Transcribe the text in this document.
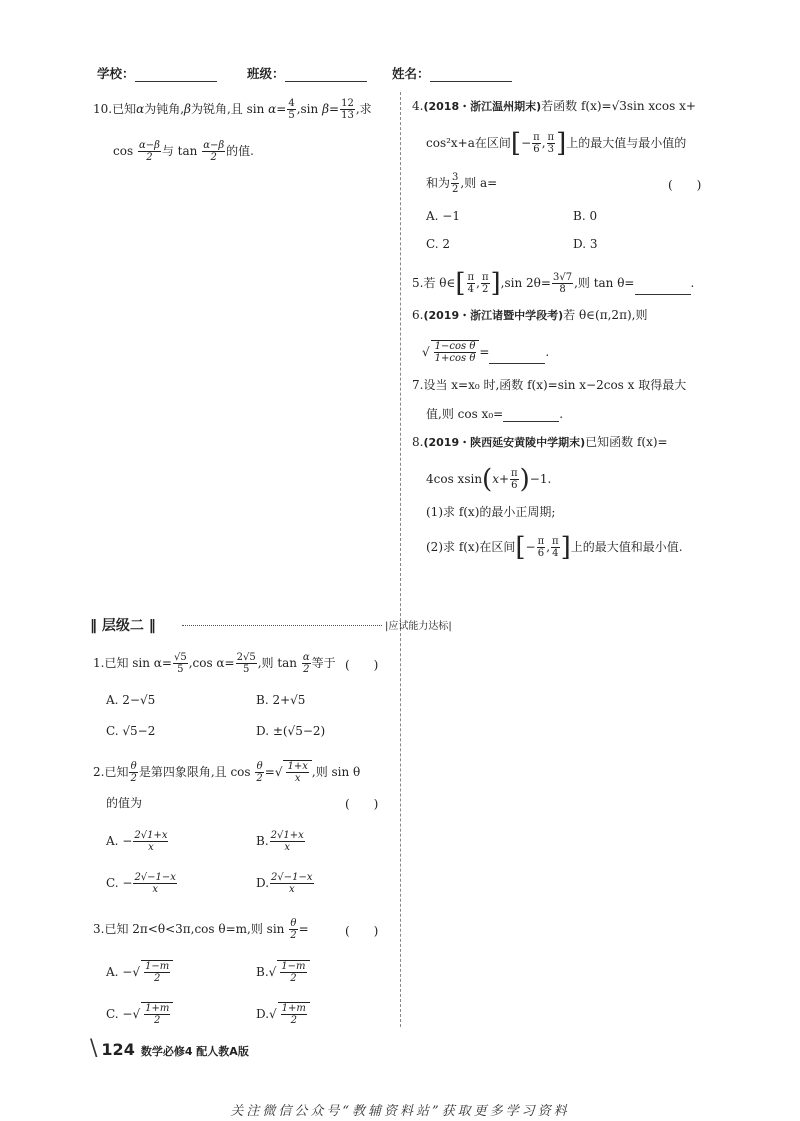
学校：	班级：	姓名：
10.已知α为钝角,β为锐角,且 $\sin \alpha= \frac{4}{5} ,\sin$ $\beta= \frac{12}{13}$ ,求
$\cos \frac{\alpha-\beta}{2}$ 与 $\tan \frac{\alpha-\beta}{2}$ 的值.
‖ 层级二 ‖	|应试能力达标|
1.已知 $\sin \alpha= \frac{√5}{5} ,\cos$ $\alpha= \frac{2√5}{5}$ ,则 $\tan \frac{\alpha}{2}$ 等于 (　　)
A. 2−√5	B. 2+√5
C. √5−2	D. ±(√5−2)
2.已知 $\frac{\theta}{2}$ 是第四象限角,且 $\cos \frac{\theta}{2}$ =√ $\frac{1+x}{x}$ ,则 sin θ
的值为	(　　)
A. − $\frac{2√1+x}{x}$	B. $\frac{2√1+x}{x}$
C. − $\frac{2√-1-x}{x}$	D. $\frac{2√-1-x}{x}$
3.已知 2π<θ<3π,cos θ=m,则 $\sin \frac{\theta}{2}$ =	(　　)
A. −√ $\frac{1-m}{2}$	$B.√ \frac{1-m}{2}$
C. −√ $\frac{1+m}{2}$	$D.√ \frac{1+m}{2}$
4.(2018・浙江温州期末)若函数 f(x)=√3sin xcos x+
cos²x+a在区间[− $\frac{\pi}{6}$ , $\frac{\pi}{3}$ ]上的最大值与最小值的
和为 $\frac{3}{2}$ ,则 a=	(　　)
A. −1	B. 0
C. 2	D. 3
5.若 θ∈[ $\frac{\pi}{4}$ , $\frac{\pi}{2} ],\sin$ $2\theta= \frac{3√7}{8}$ ,则 tan θ=	.
6.(2019・浙江诸暨中学段考)若 θ∈(π,2π),则
√ $\frac{\text{1−cos θ}}{\text{1+cos θ}}$ =	.
7.设当 x=x₀ 时,函数 f(x)=sin x−2cos x 取得最大
值,则 cos x₀=	.
8.(2019・陕西延安黄陵中学期末)已知函数 f(x)=
4cos $xsin(x+ \frac{\pi}{6} )-1$.
(1)求 f(x)的最小正周期;
(2)求 f(x)在区间[− $\frac{\pi}{6}$ , $\frac{\pi}{4}$ ]上的最大值和最小值.
\ 124 数学必修4 配人教A版
关注微信公众号“教辅资料站”获取更多学习资料
